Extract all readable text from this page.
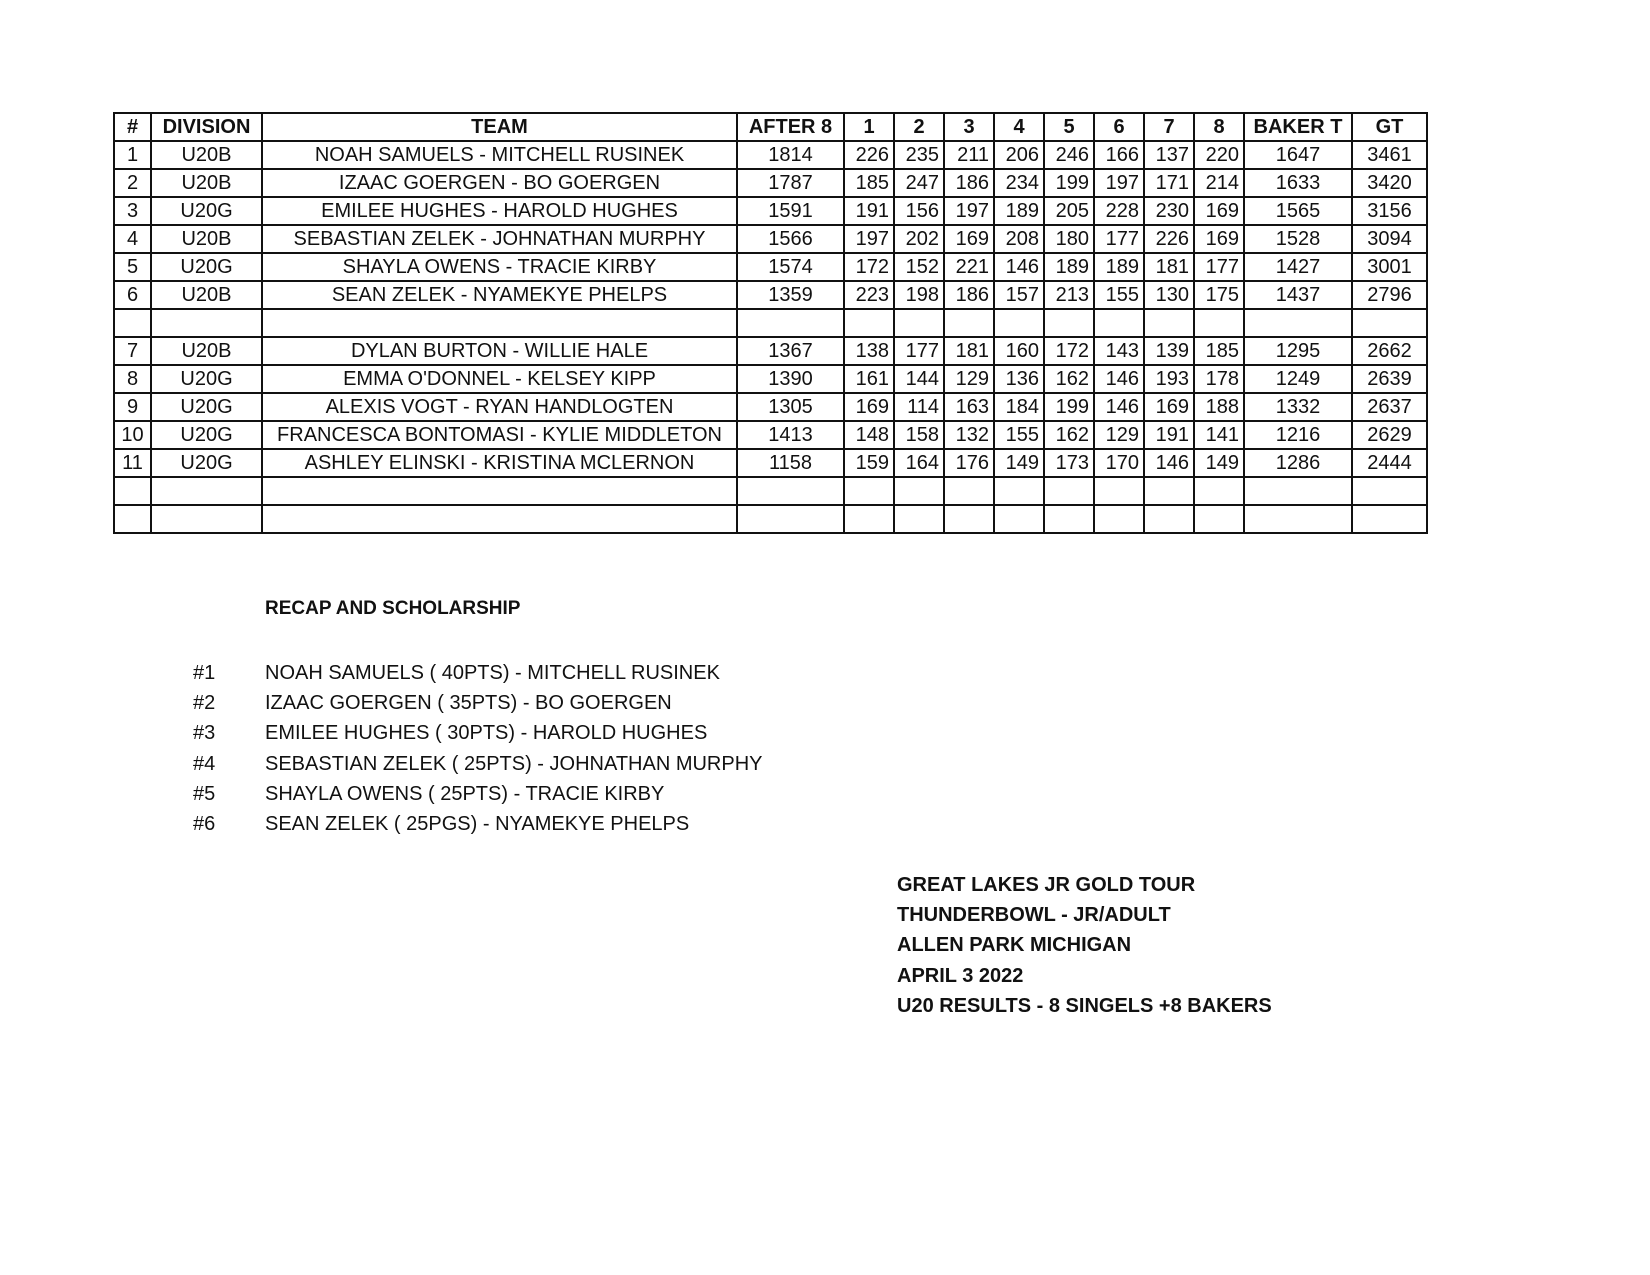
#	DIVISION	TEAM	AFTER 8	1	2	3	4	5	6	7	8	BAKER T	GT
1	U20B	NOAH SAMUELS - MITCHELL RUSINEK	1814	226	235	211	206	246	166	137	220	1647	3461
2	U20B	IZAAC GOERGEN - BO GOERGEN	1787	185	247	186	234	199	197	171	214	1633	3420
3	U20G	EMILEE HUGHES - HAROLD HUGHES	1591	191	156	197	189	205	228	230	169	1565	3156
4	U20B	SEBASTIAN ZELEK - JOHNATHAN MURPHY	1566	197	202	169	208	180	177	226	169	1528	3094
5	U20G	SHAYLA OWENS - TRACIE KIRBY	1574	172	152	221	146	189	189	181	177	1427	3001
6	U20B	SEAN ZELEK - NYAMEKYE PHELPS	1359	223	198	186	157	213	155	130	175	1437	2796

7	U20B	DYLAN BURTON - WILLIE HALE	1367	138	177	181	160	172	143	139	185	1295	2662
8	U20G	EMMA O'DONNEL - KELSEY KIPP	1390	161	144	129	136	162	146	193	178	1249	2639
9	U20G	ALEXIS VOGT - RYAN HANDLOGTEN	1305	169	114	163	184	199	146	169	188	1332	2637
10	U20G	FRANCESCA BONTOMASI - KYLIE MIDDLETON	1413	148	158	132	155	162	129	191	141	1216	2629
11	U20G	ASHLEY ELINSKI - KRISTINA MCLERNON	1158	159	164	176	149	173	170	146	149	1286	2444

RECAP AND SCHOLARSHIP
#1 NOAH SAMUELS ( 40PTS) - MITCHELL RUSINEK
#2 IZAAC GOERGEN ( 35PTS) - BO GOERGEN
#3 EMILEE HUGHES ( 30PTS) - HAROLD HUGHES
#4 SEBASTIAN ZELEK ( 25PTS) - JOHNATHAN MURPHY
#5 SHAYLA OWENS ( 25PTS) - TRACIE KIRBY
#6 SEAN ZELEK ( 25PGS) - NYAMEKYE PHELPS
GREAT LAKES JR GOLD TOUR
THUNDERBOWL - JR/ADULT
ALLEN PARK MICHIGAN
APRIL 3 2022
U20 RESULTS - 8 SINGELS +8 BAKERS
